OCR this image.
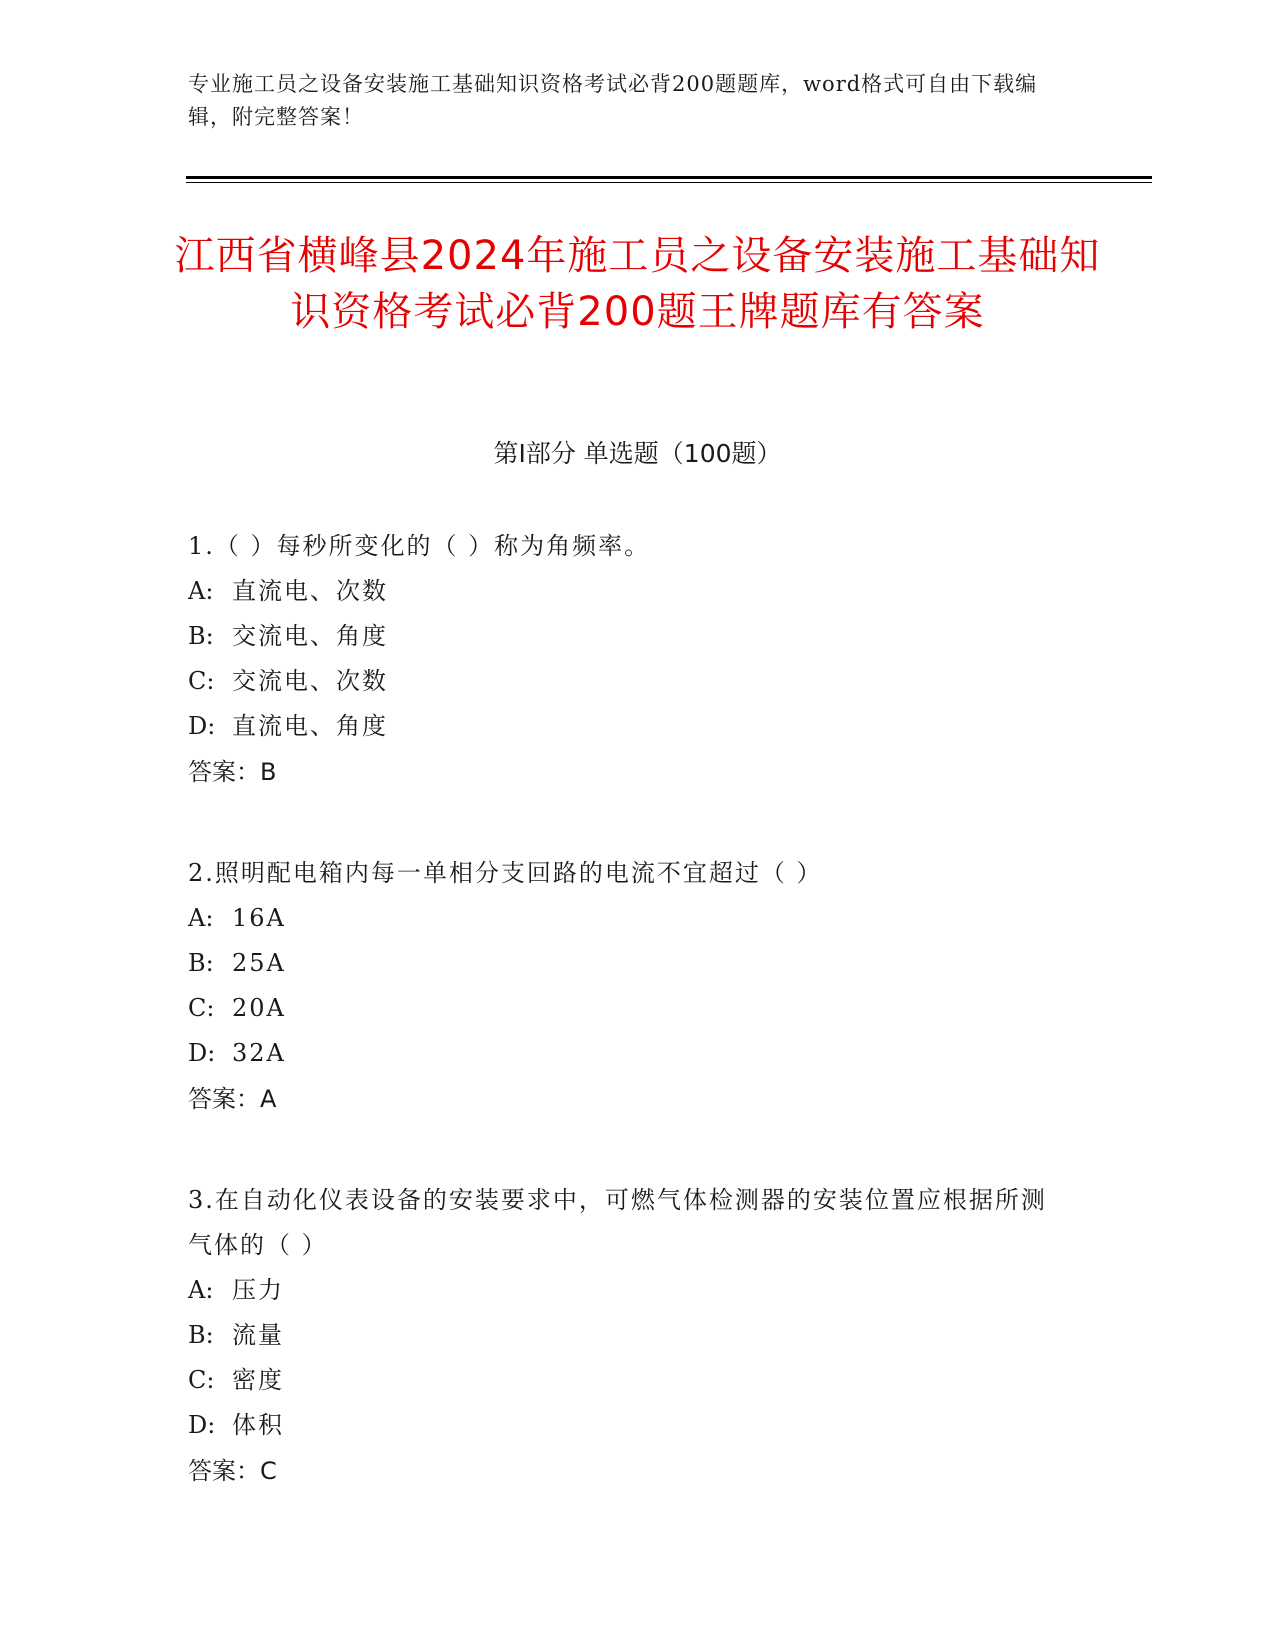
专业施工员之设备安装施工基础知识资格考试必背200题题库，word格式可自由下载编辑，附完整答案！
江西省横峰县2024年施工员之设备安装施工基础知识资格考试必背200题王牌题库有答案
第Ⅰ部分 单选题（100题）
1.（ ）每秒所变化的（ ）称为角频率。
A: 直流电、次数
B: 交流电、角度
C: 交流电、次数
D: 直流电、角度
答案：B
2.照明配电箱内每一单相分支回路的电流不宜超过（ ）
A: 16A
B: 25A
C: 20A
D: 32A
答案：A
3.在自动化仪表设备的安装要求中，可燃气体检测器的安装位置应根据所测气体的（ ）
A: 压力
B: 流量
C: 密度
D: 体积
答案：C
